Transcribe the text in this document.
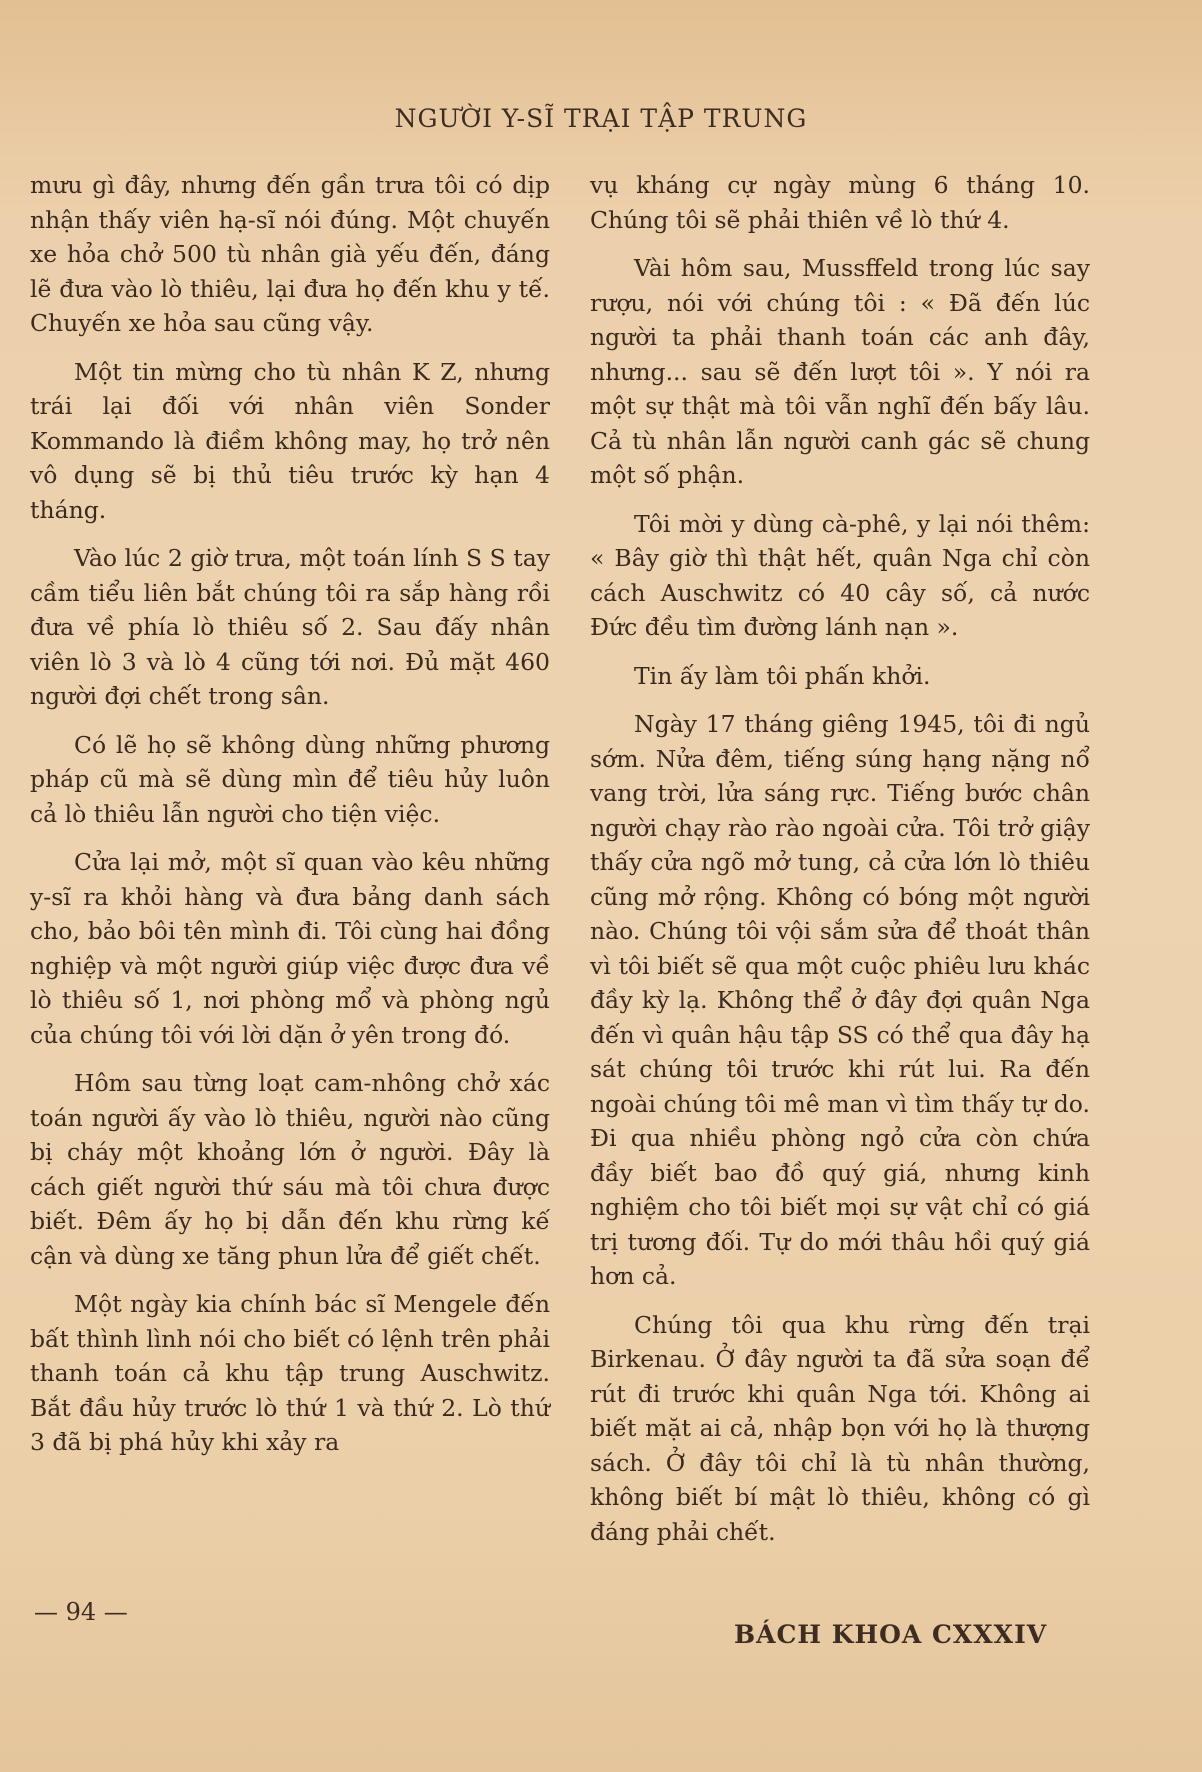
NGƯỜI Y-SĨ TRẠI TẬP TRUNG

mưu gì đây, nhưng đến gần trưa tôi có dịp nhận thấy viên hạ-sĩ nói đúng. Một chuyến xe hỏa chở 500 tù nhân già yếu đến, đáng lẽ đưa vào lò thiêu, lại đưa họ đến khu y tế. Chuyến xe hỏa sau cũng vậy.

Một tin mừng cho tù nhân K Z, nhưng trái lại đối với nhân viên Sonder Kommando là điềm không may, họ trở nên vô dụng sẽ bị thủ tiêu trước kỳ hạn 4 tháng.

Vào lúc 2 giờ trưa, một toán lính S S tay cầm tiểu liên bắt chúng tôi ra sắp hàng rồi đưa về phía lò thiêu số 2. Sau đấy nhân viên lò 3 và lò 4 cũng tới nơi. Đủ mặt 460 người đợi chết trong sân.

Có lẽ họ sẽ không dùng những phương pháp cũ mà sẽ dùng mìn để tiêu hủy luôn cả lò thiêu lẫn người cho tiện việc.

Cửa lại mở, một sĩ quan vào kêu những y-sĩ ra khỏi hàng và đưa bảng danh sách cho, bảo bôi tên mình đi. Tôi cùng hai đồng nghiệp và một người giúp việc được đưa về lò thiêu số 1, nơi phòng mổ và phòng ngủ của chúng tôi với lời dặn ở yên trong đó.

Hôm sau từng loạt cam-nhông chở xác toán người ấy vào lò thiêu, người nào cũng bị cháy một khoảng lớn ở người. Đây là cách giết người thứ sáu mà tôi chưa được biết. Đêm ấy họ bị dẫn đến khu rừng kế cận và dùng xe tăng phun lửa để giết chết.

Một ngày kia chính bác sĩ Mengele đến bất thình lình nói cho biết có lệnh trên phải thanh toán cả khu tập trung Auschwitz. Bắt đầu hủy trước lò thứ 1 và thứ 2. Lò thứ 3 đã bị phá hủy khi xảy ra

vụ kháng cự ngày mùng 6 tháng 10. Chúng tôi sẽ phải thiên về lò thứ 4.

Vài hôm sau, Mussffeld trong lúc say rượu, nói với chúng tôi : « Đã đến lúc người ta phải thanh toán các anh đây, nhưng... sau sẽ đến lượt tôi ». Y nói ra một sự thật mà tôi vẫn nghĩ đến bấy lâu. Cả tù nhân lẫn người canh gác sẽ chung một số phận.

Tôi mời y dùng cà-phê, y lại nói thêm: « Bây giờ thì thật hết, quân Nga chỉ còn cách Auschwitz có 40 cây số, cả nước Đức đều tìm đường lánh nạn ».

Tin ấy làm tôi phấn khởi.

Ngày 17 tháng giêng 1945, tôi đi ngủ sớm. Nửa đêm, tiếng súng hạng nặng nổ vang trời, lửa sáng rực. Tiếng bước chân người chạy rào rào ngoài cửa. Tôi trở giậy thấy cửa ngõ mở tung, cả cửa lớn lò thiêu cũng mở rộng. Không có bóng một người nào. Chúng tôi vội sắm sửa để thoát thân vì tôi biết sẽ qua một cuộc phiêu lưu khác đầy kỳ lạ. Không thể ở đây đợi quân Nga đến vì quân hậu tập SS có thể qua đây hạ sát chúng tôi trước khi rút lui. Ra đến ngoài chúng tôi mê man vì tìm thấy tự do. Đi qua nhiều phòng ngỏ cửa còn chứa đầy biết bao đồ quý giá, nhưng kinh nghiệm cho tôi biết mọi sự vật chỉ có giá trị tương đối. Tự do mới thâu hồi quý giá hơn cả.

Chúng tôi qua khu rừng đến trại Birkenau. Ở đây người ta đã sửa soạn để rút đi trước khi quân Nga tới. Không ai biết mặt ai cả, nhập bọn với họ là thượng sách. Ở đây tôi chỉ là tù nhân thường, không biết bí mật lò thiêu, không có gì đáng phải chết.

— 94 —
BÁCH KHOA CXXXIV
